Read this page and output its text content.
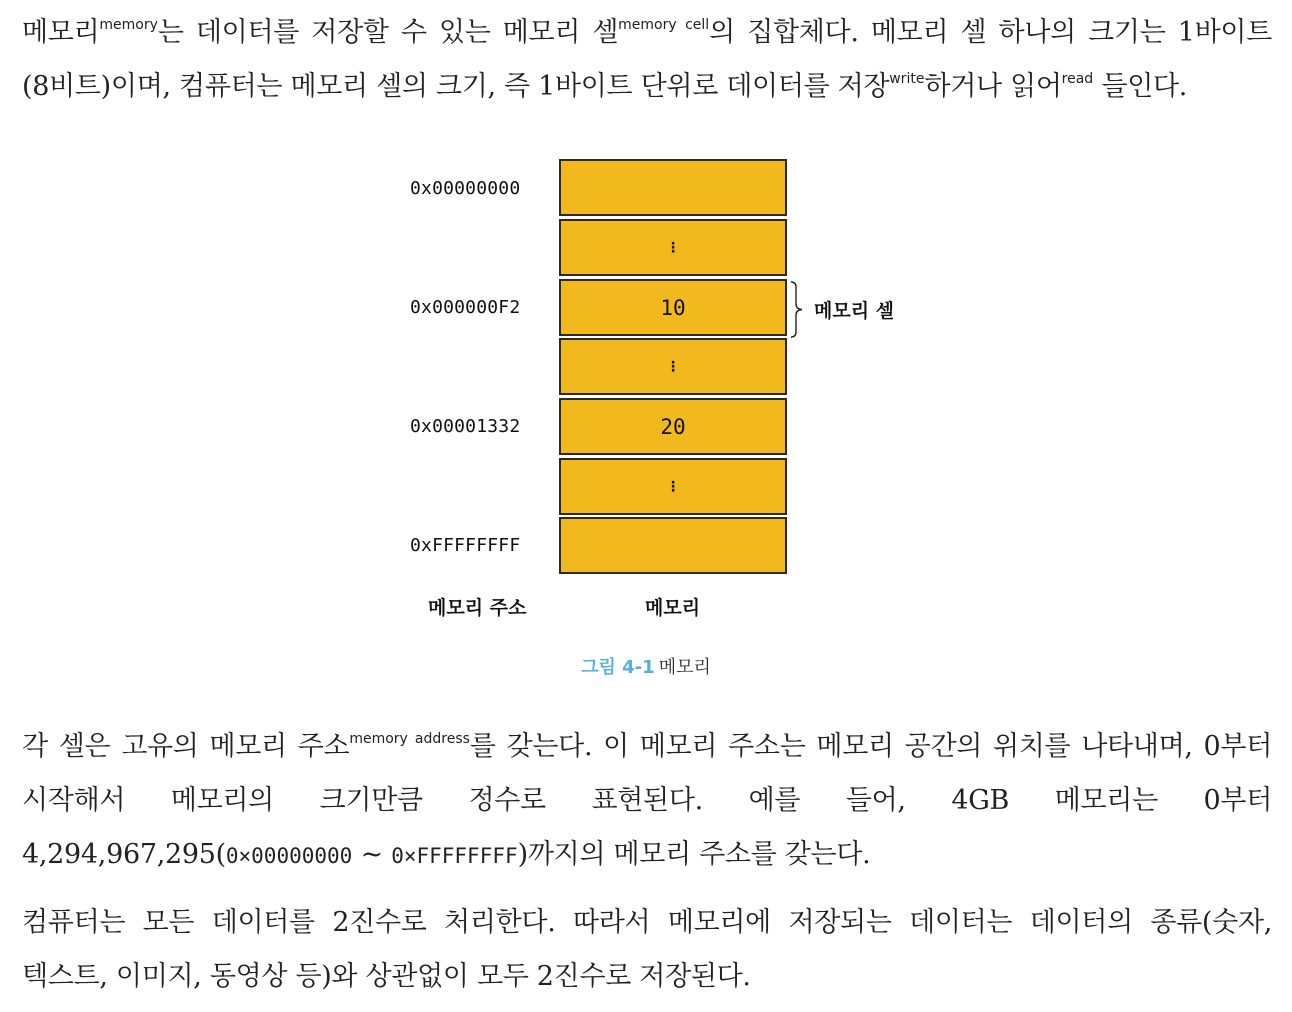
메모리$^{memory}$는 데이터를 저장할 수 있는 메모리 셀$^{memory cell}$의 집합체다. 메모리 셀 하나의 크기는 1바이트(8비트)이며, 컴퓨터는 메모리 셀의 크기, 즉 1바이트 단위로 데이터를 저장$^{write}$하거나 읽어$^{read}$ 들인다.

0x00000000
0x000000F2
0x00001332
0xFFFFFFFF
⋮
10
⋮
20
⋮
메모리 셀
메모리 주소	메모리
그림 4-1 메모리

각 셀은 고유의 메모리 주소$^{memory address}$를 갖는다. 이 메모리 주소는 메모리 공간의 위치를 나타내며, 0부터 시작해서 메모리의 크기만큼 정수로 표현된다. 예를 들어, 4GB 메모리는 0부터 4,294,967,295(0×00000000 ~ 0×FFFFFFFF)까지의 메모리 주소를 갖는다.

컴퓨터는 모든 데이터를 2진수로 처리한다. 따라서 메모리에 저장되는 데이터는 데이터의 종류(숫자, 텍스트, 이미지, 동영상 등)와 상관없이 모두 2진수로 저장된다.
